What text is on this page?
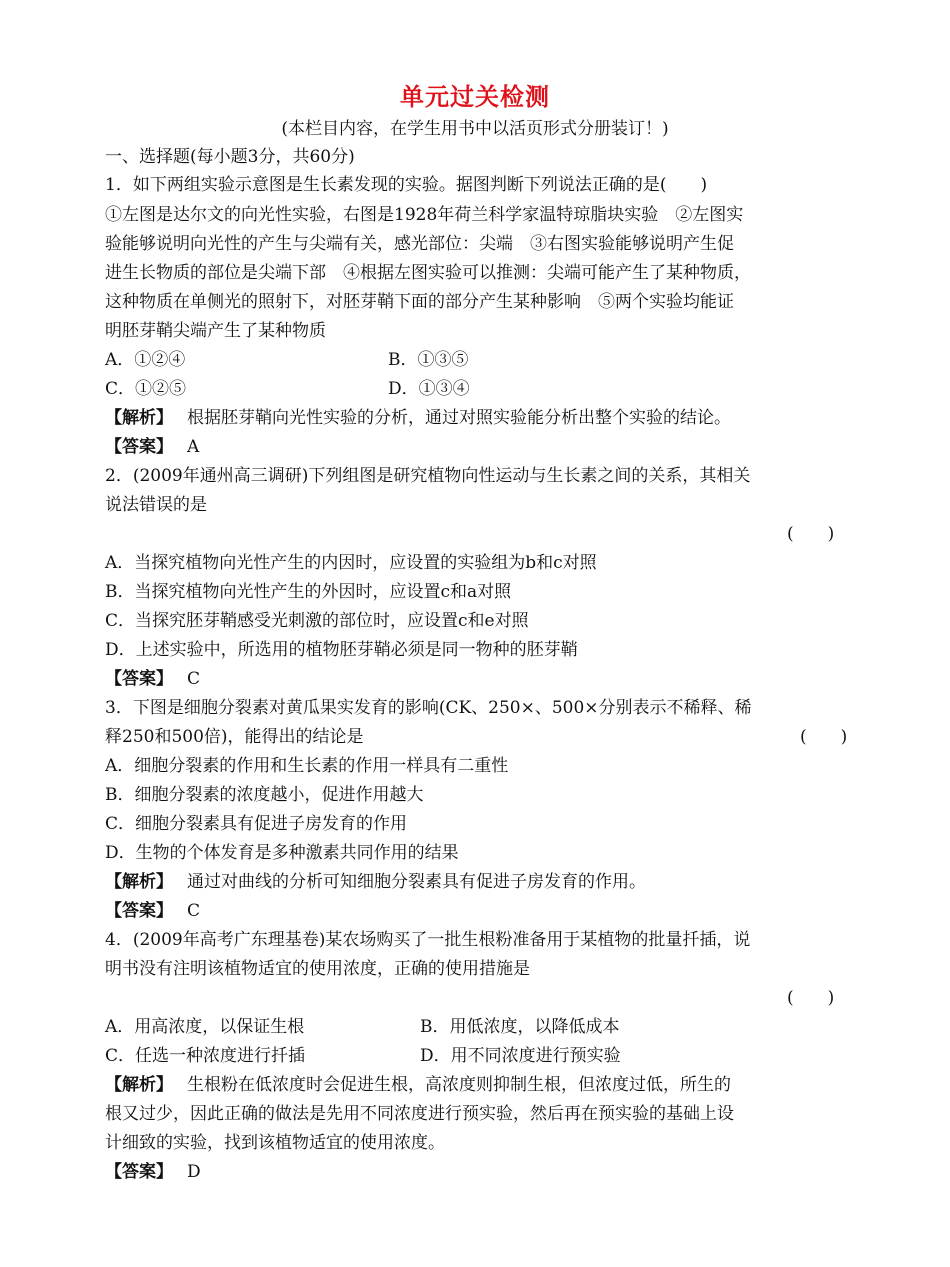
单元过关检测
(本栏目内容，在学生用书中以活页形式分册装订！)
一、选择题(每小题3分，共60分)
1．如下两组实验示意图是生长素发现的实验。据图判断下列说法正确的是(　　)
①左图是达尔文的向光性实验，右图是1928年荷兰科学家温特琼脂块实验　②左图实
验能够说明向光性的产生与尖端有关，感光部位：尖端　③右图实验能够说明产生促
进生长物质的部位是尖端下部　④根据左图实验可以推测：尖端可能产生了某种物质，
这种物质在单侧光的照射下，对胚芽鞘下面的部分产生某种影响　⑤两个实验均能证
明胚芽鞘尖端产生了某种物质
A．①②④	B．①③⑤
C．①②⑤	D．①③④
【解析】 根据胚芽鞘向光性实验的分析，通过对照实验能分析出整个实验的结论。
【答案】 A
2．(2009年通州高三调研)下列组图是研究植物向性运动与生长素之间的关系，其相关
说法错误的是
(　　)
A．当探究植物向光性产生的内因时，应设置的实验组为b和c对照
B．当探究植物向光性产生的外因时，应设置c和a对照
C．当探究胚芽鞘感受光刺激的部位时，应设置c和e对照
D．上述实验中，所选用的植物胚芽鞘必须是同一物种的胚芽鞘
【答案】 C
3．下图是细胞分裂素对黄瓜果实发育的影响(CK、250×、500×分别表示不稀释、稀
释250和500倍)，能得出的结论是	(　　)
A．细胞分裂素的作用和生长素的作用一样具有二重性
B．细胞分裂素的浓度越小，促进作用越大
C．细胞分裂素具有促进子房发育的作用
D．生物的个体发育是多种激素共同作用的结果
【解析】 通过对曲线的分析可知细胞分裂素具有促进子房发育的作用。
【答案】 C
4．(2009年高考广东理基卷)某农场购买了一批生根粉准备用于某植物的批量扦插，说
明书没有注明该植物适宜的使用浓度，正确的使用措施是
(　　)
A．用高浓度，以保证生根	B．用低浓度，以降低成本
C．任选一种浓度进行扦插	D．用不同浓度进行预实验
【解析】 生根粉在低浓度时会促进生根，高浓度则抑制生根，但浓度过低，所生的
根又过少，因此正确的做法是先用不同浓度进行预实验，然后再在预实验的基础上设
计细致的实验，找到该植物适宜的使用浓度。
【答案】 D
